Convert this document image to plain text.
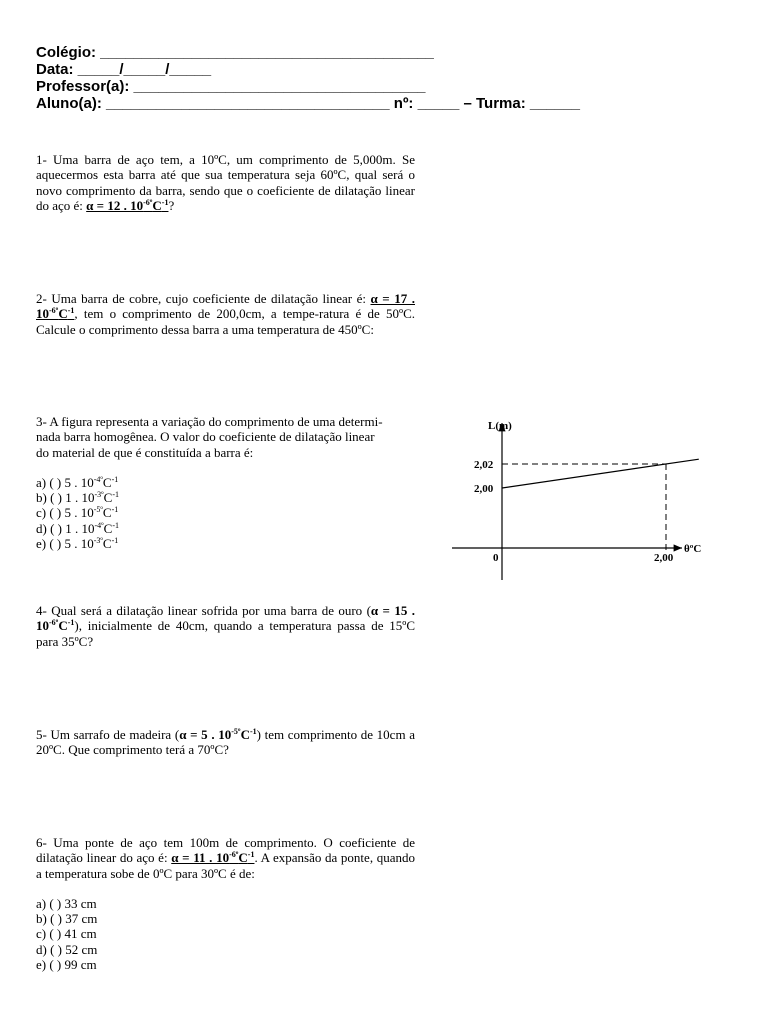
Colégio: ________________________________________
Data: _____/_____/_____
Professor(a): ___________________________________
Aluno(a): __________________________________ nº: _____ – Turma: ______

1- Uma barra de aço tem, a 10ºC, um comprimento de 5,000m. Se aquecermos esta barra até que sua temperatura seja 60ºC, qual será o novo comprimento da barra, sendo que o coeficiente de dilatação linear do aço é: α = 12 . $10^{-6º}C^{-1}$?

2- Uma barra de cobre, cujo coeficiente de dilatação linear é: α = 17 . $10^{-6º}C^{-1}$, tem o comprimento de 200,0cm, a tempe-ratura é de 50ºC. Calcule o comprimento dessa barra a uma temperatura de 450ºC:

3- A figura representa a variação do comprimento de uma determi-
nada barra homogênea. O valor do coeficiente de dilatação linear
do material de que é constituída a barra é:
a) ( ) 5 . $10^{-4º}C^{-1}$
b) ( ) 1 . $10^{-3º}C^{-1}$
c) ( ) 5 . $10^{-5º}C^{-1}$
d) ( ) 1 . $10^{-4º}C^{-1}$
e) ( ) 5 . $10^{-3º}C^{-1}$
L(m)
θºC
0
2,00
2,02
2,00

4- Qual será a dilatação linear sofrida por uma barra de ouro (α = 15 . $10^{-6º}C^{-1}$), inicialmente de 40cm, quando a temperatura passa de 15ºC para 35ºC?

5- Um sarrafo de madeira (α = 5 . $10^{-5º}C^{-1}$) tem comprimento de 10cm a 20ºC. Que comprimento terá a 70ºC?

6- Uma ponte de aço tem 100m de comprimento. O coeficiente de dilatação linear do aço é: α = 11 . $10^{-6º}C^{-1}$. A expansão da ponte, quando a temperatura sobe de 0ºC para 30ºC é de:

a) ( ) 33 cm
b) ( ) 37 cm
c) ( ) 41 cm
d) ( ) 52 cm
e) ( ) 99 cm
